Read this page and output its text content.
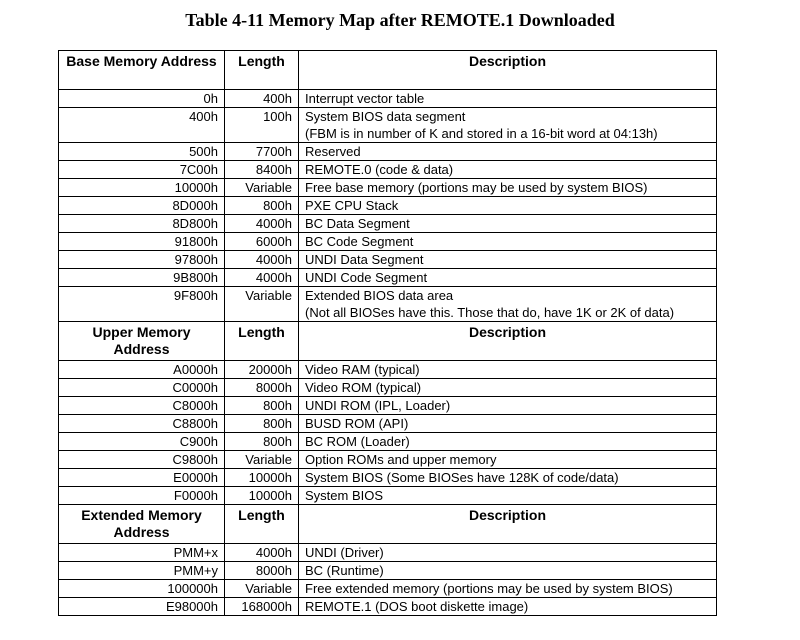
Table 4-11 Memory Map after REMOTE.1 Downloaded
Base Memory Address	Length	Description
0h	400h	Interrupt vector table
400h	100h	System BIOS data segment
(FBM is in number of K and stored in a 16-bit word at 04:13h)

500h	7700h	Reserved
7C00h	8400h	REMOTE.0 (code & data)
10000h	Variable	Free base memory (portions may be used by system BIOS)
8D000h	800h	PXE CPU Stack
8D800h	4000h	BC Data Segment
91800h	6000h	BC Code Segment
97800h	4000h	UNDI Data Segment
9B800h	4000h	UNDI Code Segment
9F800h	Variable	Extended BIOS data area
(Not all BIOSes have this. Those that do, have 1K or 2K of data)

Upper Memory Address	Length	Description
A0000h	20000h	Video RAM (typical)
C0000h	8000h	Video ROM (typical)
C8000h	800h	UNDI ROM (IPL, Loader)
C8800h	800h	BUSD ROM (API)
C900h	800h	BC ROM (Loader)
C9800h	Variable	Option ROMs and upper memory
E0000h	10000h	System BIOS (Some BIOSes have 128K of code/data)
F0000h	10000h	System BIOS
Extended Memory Address	Length	Description
PMM+x	4000h	UNDI (Driver)
PMM+y	8000h	BC (Runtime)
100000h	Variable	Free extended memory (portions may be used by system BIOS)
E98000h	168000h	REMOTE.1 (DOS boot diskette image)
